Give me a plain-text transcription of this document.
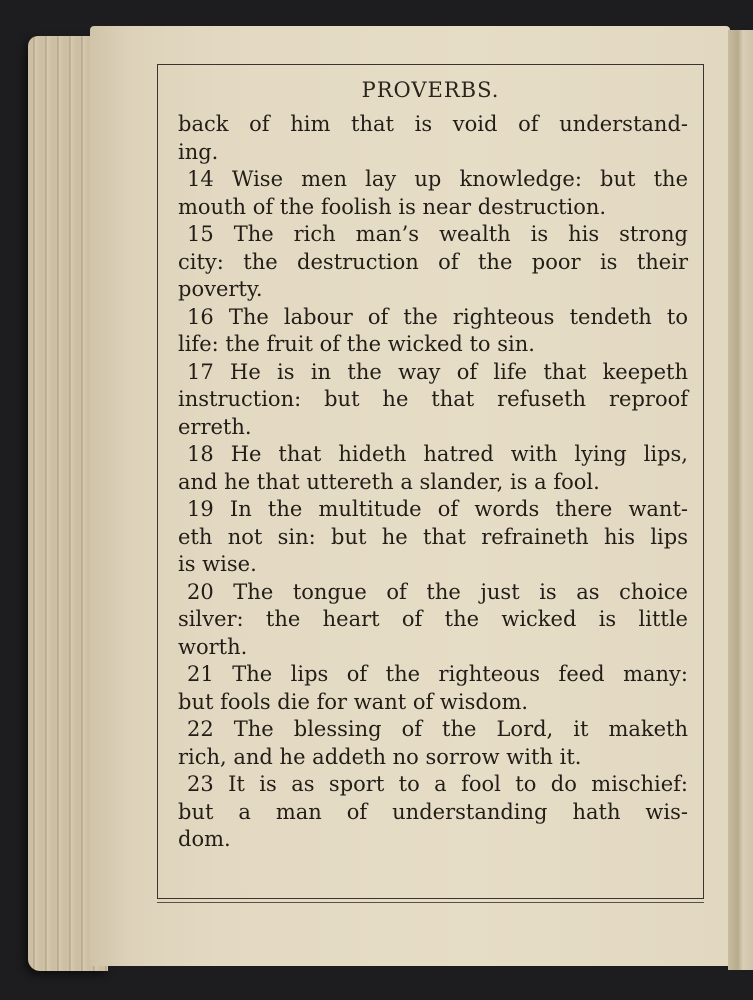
PROVERBS.
back of him that is void of understand-
ing.
14 Wise men lay up knowledge: but the
mouth of the foolish is near destruction.
15 The rich man’s wealth is his strong
city: the destruction of the poor is their
poverty.
16 The labour of the righteous tendeth to
life: the fruit of the wicked to sin.
17 He is in the way of life that keepeth
instruction: but he that refuseth reproof
erreth.
18 He that hideth hatred with lying lips,
and he that uttereth a slander, is a fool.
19 In the multitude of words there want-
eth not sin: but he that refraineth his lips
is wise.
20 The tongue of the just is as choice
silver: the heart of the wicked is little
worth.
21 The lips of the righteous feed many:
but fools die for want of wisdom.
22 The blessing of the Lord, it maketh
rich, and he addeth no sorrow with it.
23 It is as sport to a fool to do mischief:
but a man of understanding hath wis-
dom.
